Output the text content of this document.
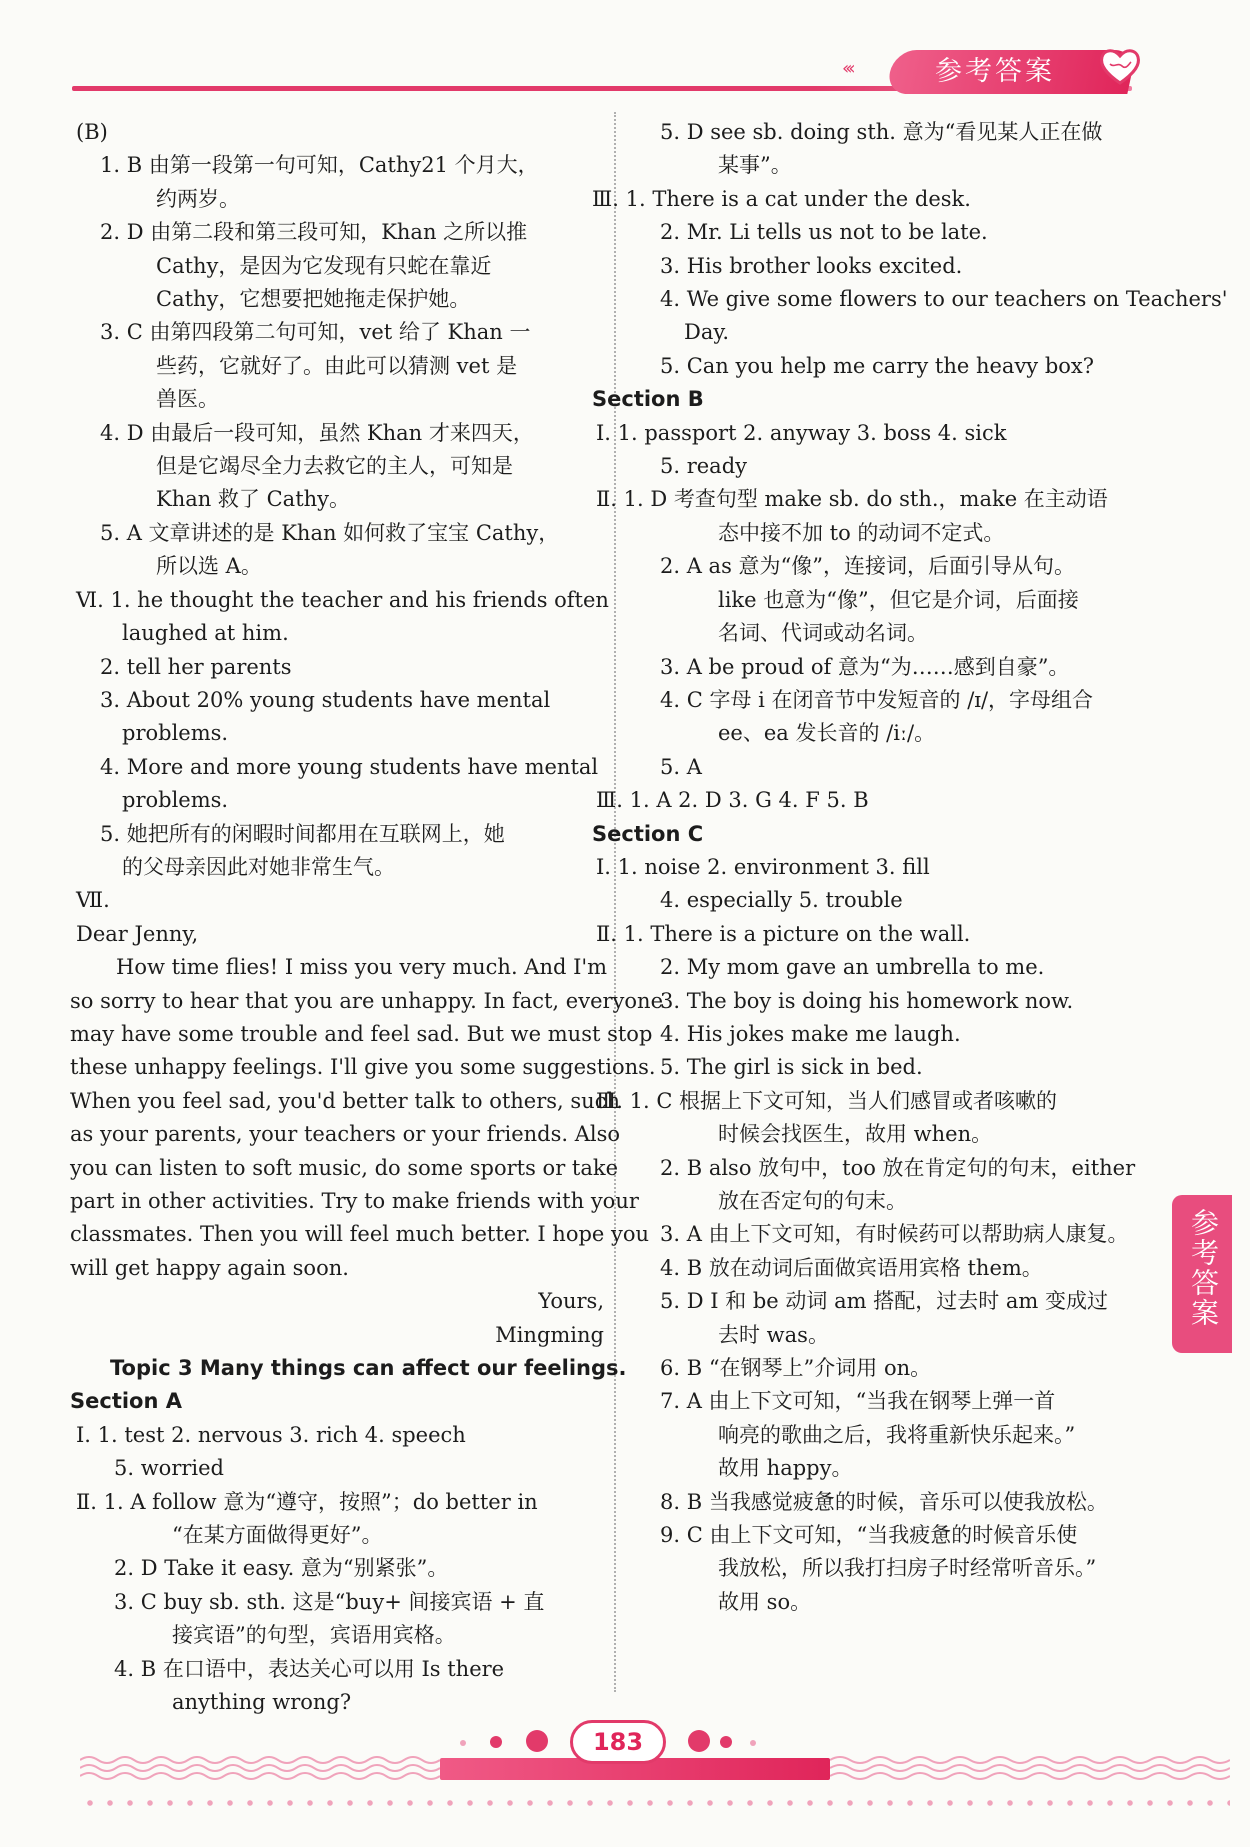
‹‹‹	参考答案
(B)
1. B 由第一段第一句可知，Cathy21 个月大，
约两岁。
2. D 由第二段和第三段可知，Khan 之所以推
Cathy，是因为它发现有只蛇在靠近
Cathy，它想要把她拖走保护她。
3. C 由第四段第二句可知，vet 给了 Khan 一
些药，它就好了。由此可以猜测 vet 是
兽医。
4. D 由最后一段可知，虽然 Khan 才来四天，
但是它竭尽全力去救它的主人，可知是
Khan 救了 Cathy。
5. A 文章讲述的是 Khan 如何救了宝宝 Cathy，
所以选 A。
Ⅵ. 1. he thought the teacher and his friends often
laughed at him.
2. tell her parents
3. About 20% young students have mental
problems.
4. More and more young students have mental
problems.
5. 她把所有的闲暇时间都用在互联网上，她
的父母亲因此对她非常生气。
Ⅶ.
Dear Jenny,
How time flies! I miss you very much. And I'm
so sorry to hear that you are unhappy. In fact, everyone
may have some trouble and feel sad. But we must stop
these unhappy feelings. I'll give you some suggestions.
When you feel sad, you'd better talk to others, such
as your parents, your teachers or your friends. Also
you can listen to soft music, do some sports or take
part in other activities. Try to make friends with your
classmates. Then you will feel much better. I hope you
will get happy again soon.
Yours,
Mingming
Topic 3 Many things can affect our feelings.
Section A
Ⅰ. 1. test 2. nervous 3. rich 4. speech
5. worried
Ⅱ. 1. A follow 意为“遵守，按照”；do better in
“在某方面做得更好”。
2. D Take it easy. 意为“别紧张”。
3. C buy sb. sth. 这是“buy+ 间接宾语 + 直
接宾语”的句型，宾语用宾格。
4. B 在口语中，表达关心可以用 Is there
anything wrong?
5. D see sb. doing sth. 意为“看见某人正在做
某事”。
Ⅲ. 1. There is a cat under the desk.
2. Mr. Li tells us not to be late.
3. His brother looks excited.
4. We give some flowers to our teachers on Teachers'
Day.
5. Can you help me carry the heavy box?
Section B
Ⅰ. 1. passport 2. anyway 3. boss 4. sick
5. ready
Ⅱ. 1. D 考查句型 make sb. do sth.，make 在主动语
态中接不加 to 的动词不定式。
2. A as 意为“像”，连接词，后面引导从句。
like 也意为“像”，但它是介词，后面接
名词、代词或动名词。
3. A be proud of 意为“为……感到自豪”。
4. C 字母 i 在闭音节中发短音的 /ɪ/，字母组合
ee、ea 发长音的 /iː/。
5. A
Ⅲ. 1. A 2. D 3. G 4. F 5. B
Section C
Ⅰ. 1. noise 2. environment 3. fill
4. especially 5. trouble
Ⅱ. 1. There is a picture on the wall.
2. My mom gave an umbrella to me.
3. The boy is doing his homework now.
4. His jokes make me laugh.
5. The girl is sick in bed.
Ⅲ. 1. C 根据上下文可知，当人们感冒或者咳嗽的
时候会找医生，故用 when。
2. B also 放句中，too 放在肯定句的句末，either
放在否定句的句末。
3. A 由上下文可知，有时候药可以帮助病人康复。
4. B 放在动词后面做宾语用宾格 them。
5. D I 和 be 动词 am 搭配，过去时 am 变成过
去时 was。
6. B “在钢琴上”介词用 on。
7. A 由上下文可知，“当我在钢琴上弹一首
响亮的歌曲之后，我将重新快乐起来。”
故用 happy。
8. B 当我感觉疲惫的时候，音乐可以使我放松。
9. C 由上下文可知，“当我疲惫的时候音乐使
我放松，所以我打扫房子时经常听音乐。”
故用 so。
参考答案
183
